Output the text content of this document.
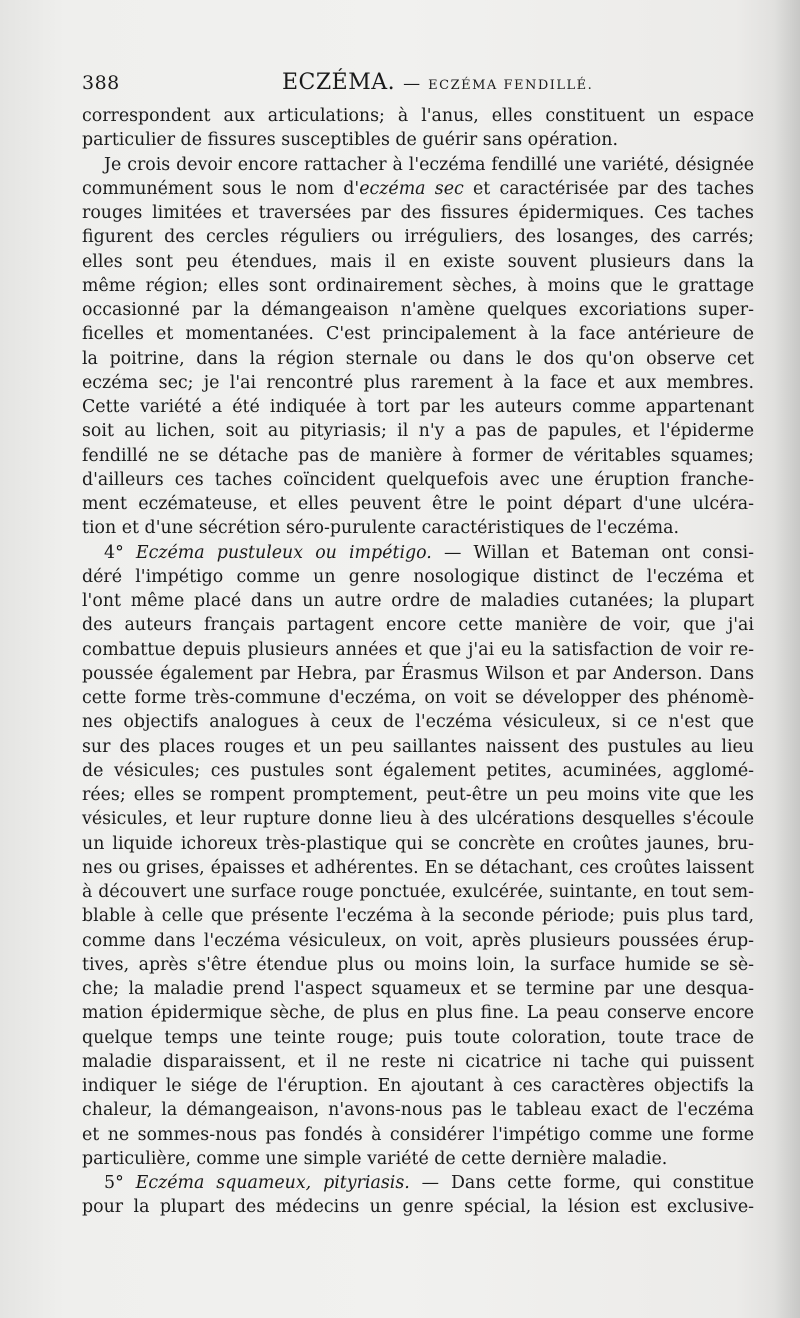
388	ECZÉMA. — ECZÉMA FENDILLÉ.
correspondent aux articulations; à l'anus, elles constituent un espace
particulier de fissures susceptibles de guérir sans opération.
Je crois devoir encore rattacher à l'eczéma fendillé une variété, désignée
communément sous le nom d'eczéma sec et caractérisée par des taches
rouges limitées et traversées par des fissures épidermiques. Ces taches
figurent des cercles réguliers ou irréguliers, des losanges, des carrés;
elles sont peu étendues, mais il en existe souvent plusieurs dans la
même région; elles sont ordinairement sèches, à moins que le grattage
occasionné par la démangeaison n'amène quelques excoriations super-
ficelles et momentanées. C'est principalement à la face antérieure de
la poitrine, dans la région sternale ou dans le dos qu'on observe cet
eczéma sec; je l'ai rencontré plus rarement à la face et aux membres.
Cette variété a été indiquée à tort par les auteurs comme appartenant
soit au lichen, soit au pityriasis; il n'y a pas de papules, et l'épiderme
fendillé ne se détache pas de manière à former de véritables squames;
d'ailleurs ces taches coïncident quelquefois avec une éruption franche-
ment eczémateuse, et elles peuvent être le point départ d'une ulcéra-
tion et d'une sécrétion séro-purulente caractéristiques de l'eczéma.
4° Eczéma pustuleux ou impétigo. — Willan et Bateman ont consi-
déré l'impétigo comme un genre nosologique distinct de l'eczéma et
l'ont même placé dans un autre ordre de maladies cutanées; la plupart
des auteurs français partagent encore cette manière de voir, que j'ai
combattue depuis plusieurs années et que j'ai eu la satisfaction de voir re-
poussée également par Hebra, par Érasmus Wilson et par Anderson. Dans
cette forme très-commune d'eczéma, on voit se développer des phénomè-
nes objectifs analogues à ceux de l'eczéma vésiculeux, si ce n'est que
sur des places rouges et un peu saillantes naissent des pustules au lieu
de vésicules; ces pustules sont également petites, acuminées, agglomé-
rées; elles se rompent promptement, peut-être un peu moins vite que les
vésicules, et leur rupture donne lieu à des ulcérations desquelles s'écoule
un liquide ichoreux très-plastique qui se concrète en croûtes jaunes, bru-
nes ou grises, épaisses et adhérentes. En se détachant, ces croûtes laissent
à découvert une surface rouge ponctuée, exulcérée, suintante, en tout sem-
blable à celle que présente l'eczéma à la seconde période; puis plus tard,
comme dans l'eczéma vésiculeux, on voit, après plusieurs poussées érup-
tives, après s'être étendue plus ou moins loin, la surface humide se sè-
che; la maladie prend l'aspect squameux et se termine par une desqua-
mation épidermique sèche, de plus en plus fine. La peau conserve encore
quelque temps une teinte rouge; puis toute coloration, toute trace de
maladie disparaissent, et il ne reste ni cicatrice ni tache qui puissent
indiquer le siége de l'éruption. En ajoutant à ces caractères objectifs la
chaleur, la démangeaison, n'avons-nous pas le tableau exact de l'eczéma
et ne sommes-nous pas fondés à considérer l'impétigo comme une forme
particulière, comme une simple variété de cette dernière maladie.
5° Eczéma squameux, pityriasis. — Dans cette forme, qui constitue
pour la plupart des médecins un genre spécial, la lésion est exclusive-
